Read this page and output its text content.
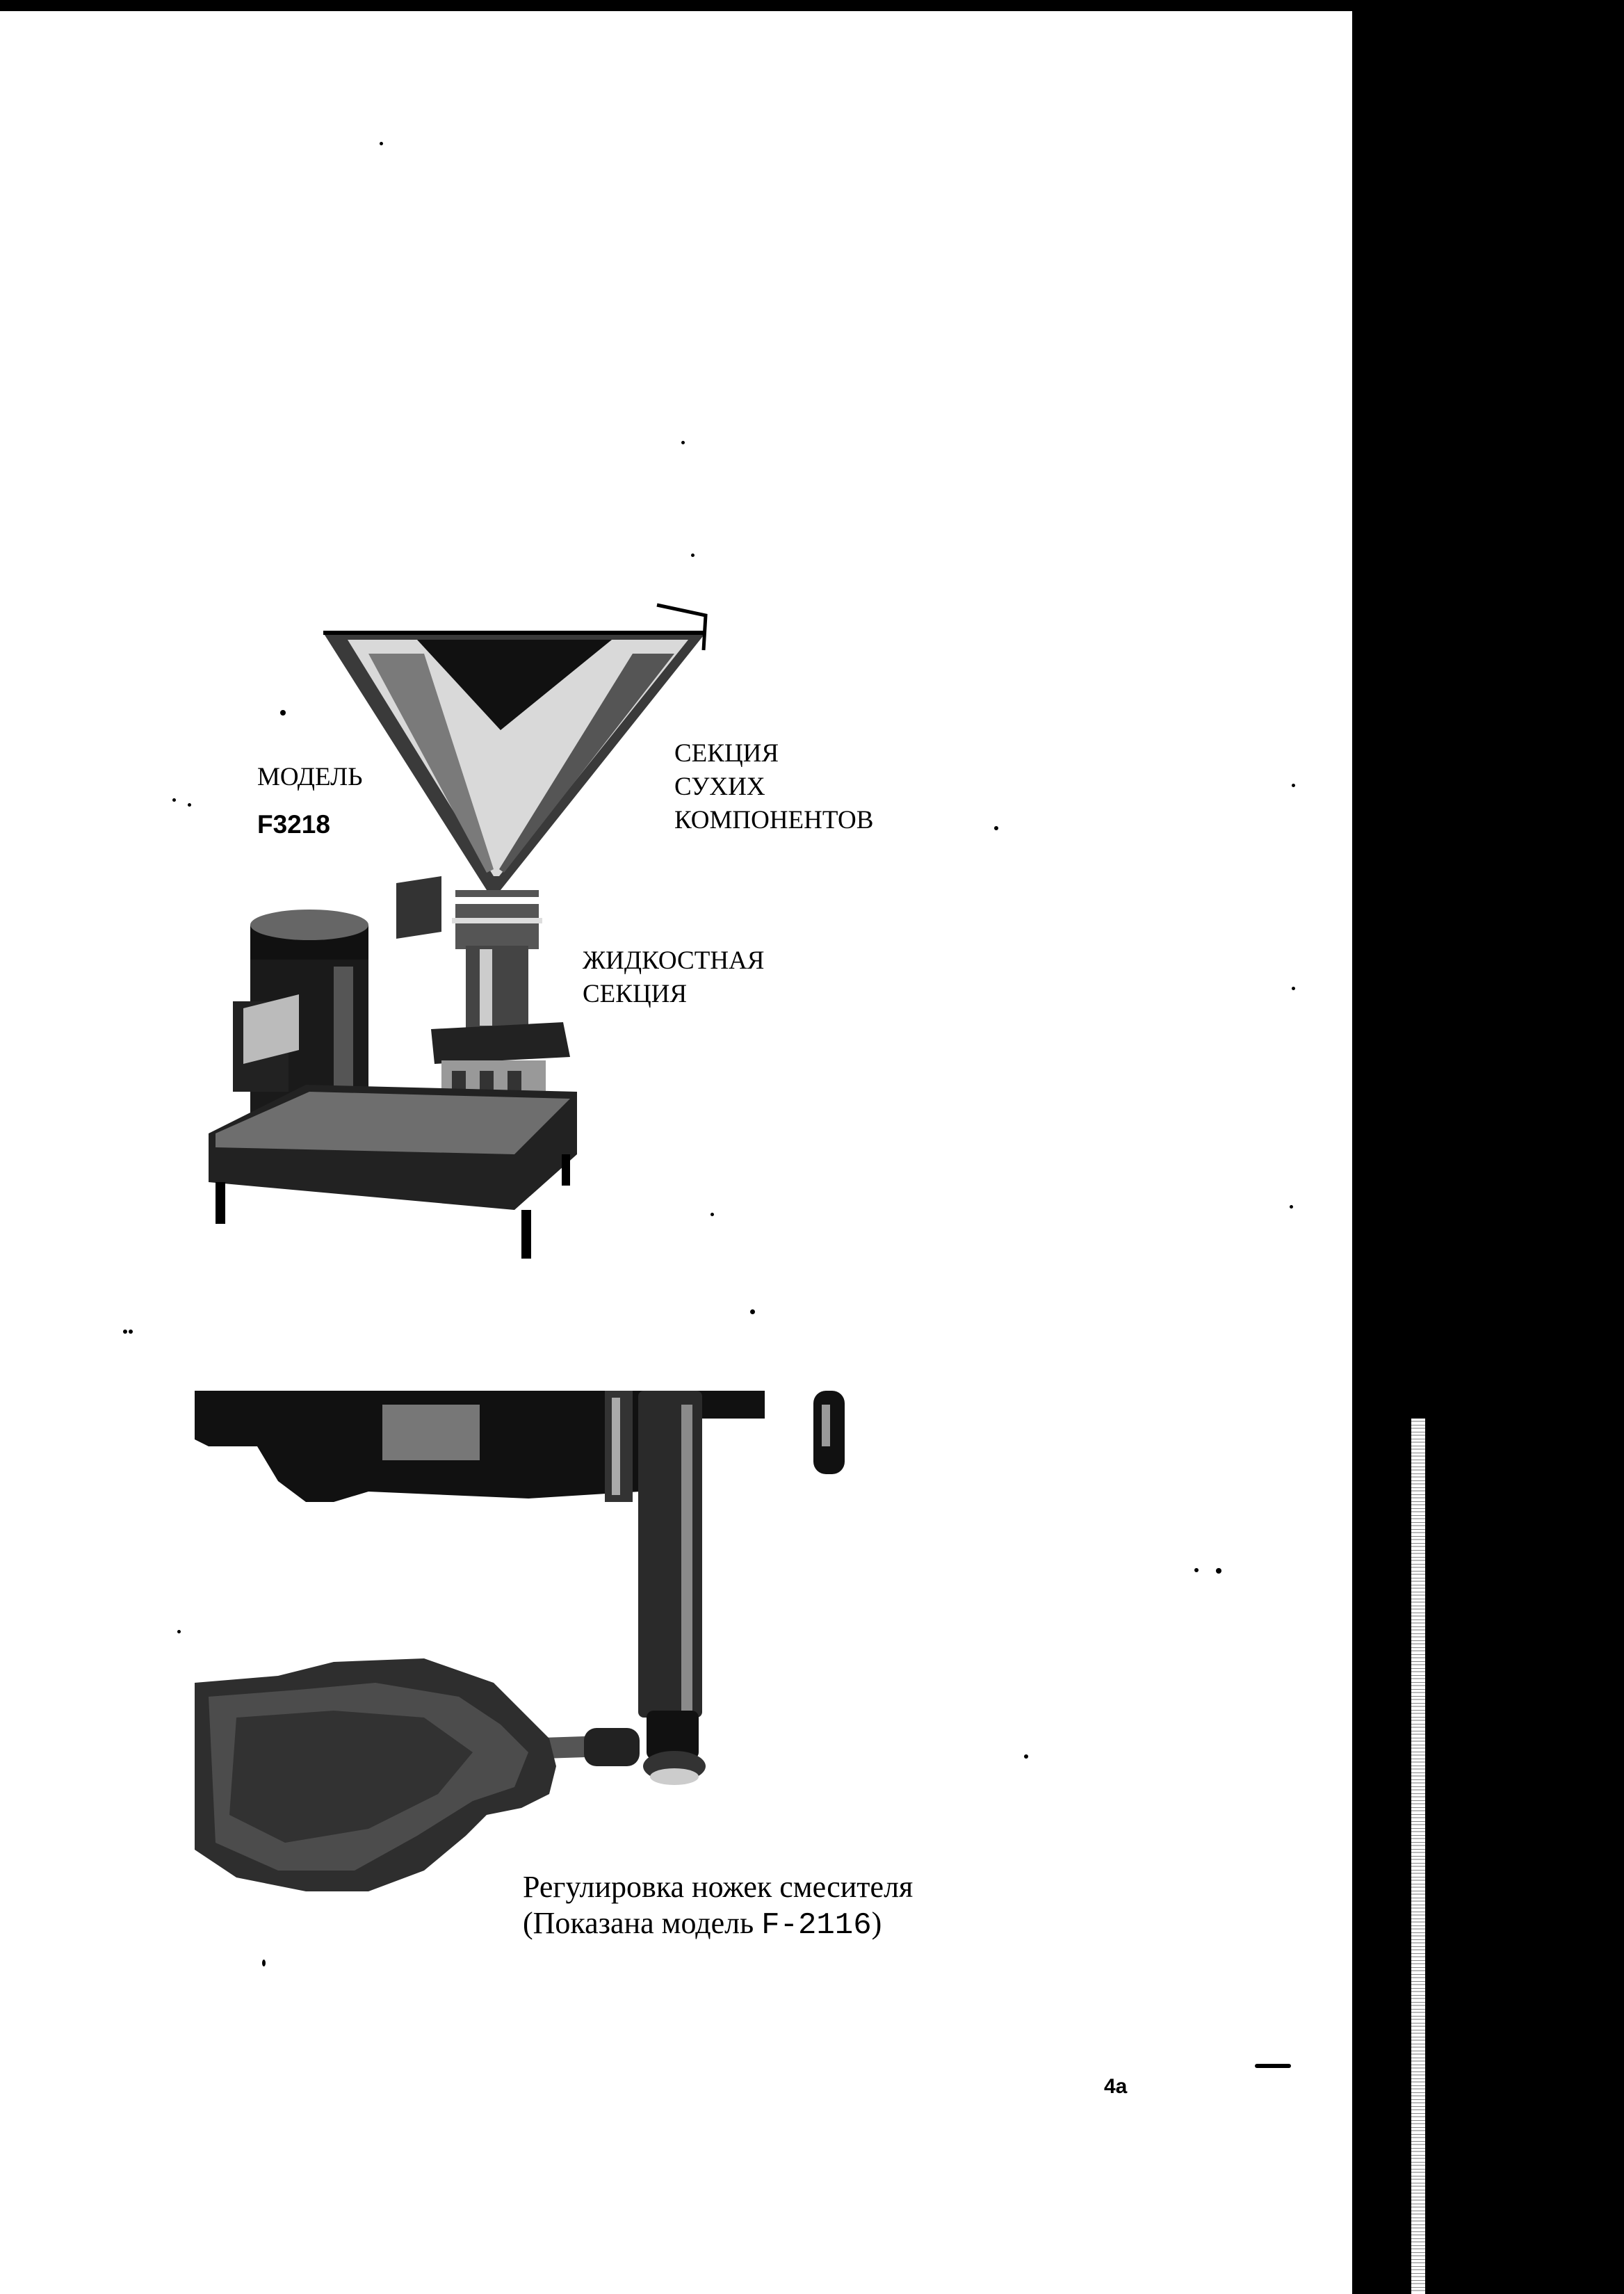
МОДЕЛЬ
F3218
СЕКЦИЯ
СУХИХ
КОМПОНЕНТОВ
ЖИДКОСТНАЯ
СЕКЦИЯ
Регулировка ножек смесителя
(Показана модель F-2116)
4a
